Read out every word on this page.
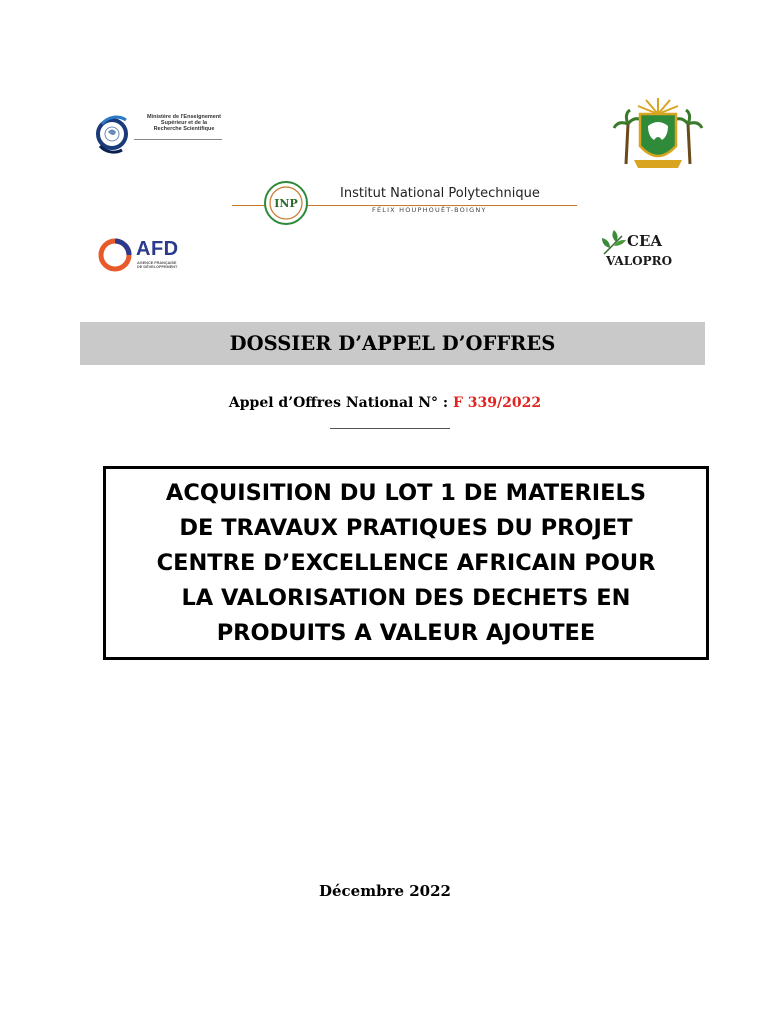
Ministère de l'Enseignement
Supérieur et de la
Recherche Scientifique
INP
Institut National Polytechnique
FÉLIX HOUPHOUËT-BOIGNY
AFD
AGENCE FRANÇAISE
DE DÉVELOPPEMENT
CEA
VALOPRO
DOSSIER D’APPEL D’OFFRES
Appel d’Offres National N° : F 339/2022
ACQUISITION DU LOT 1 DE MATERIELS
DE TRAVAUX PRATIQUES DU PROJET
CENTRE D’EXCELLENCE AFRICAIN POUR
LA VALORISATION DES DECHETS EN
PRODUITS A VALEUR AJOUTEE
Décembre 2022
